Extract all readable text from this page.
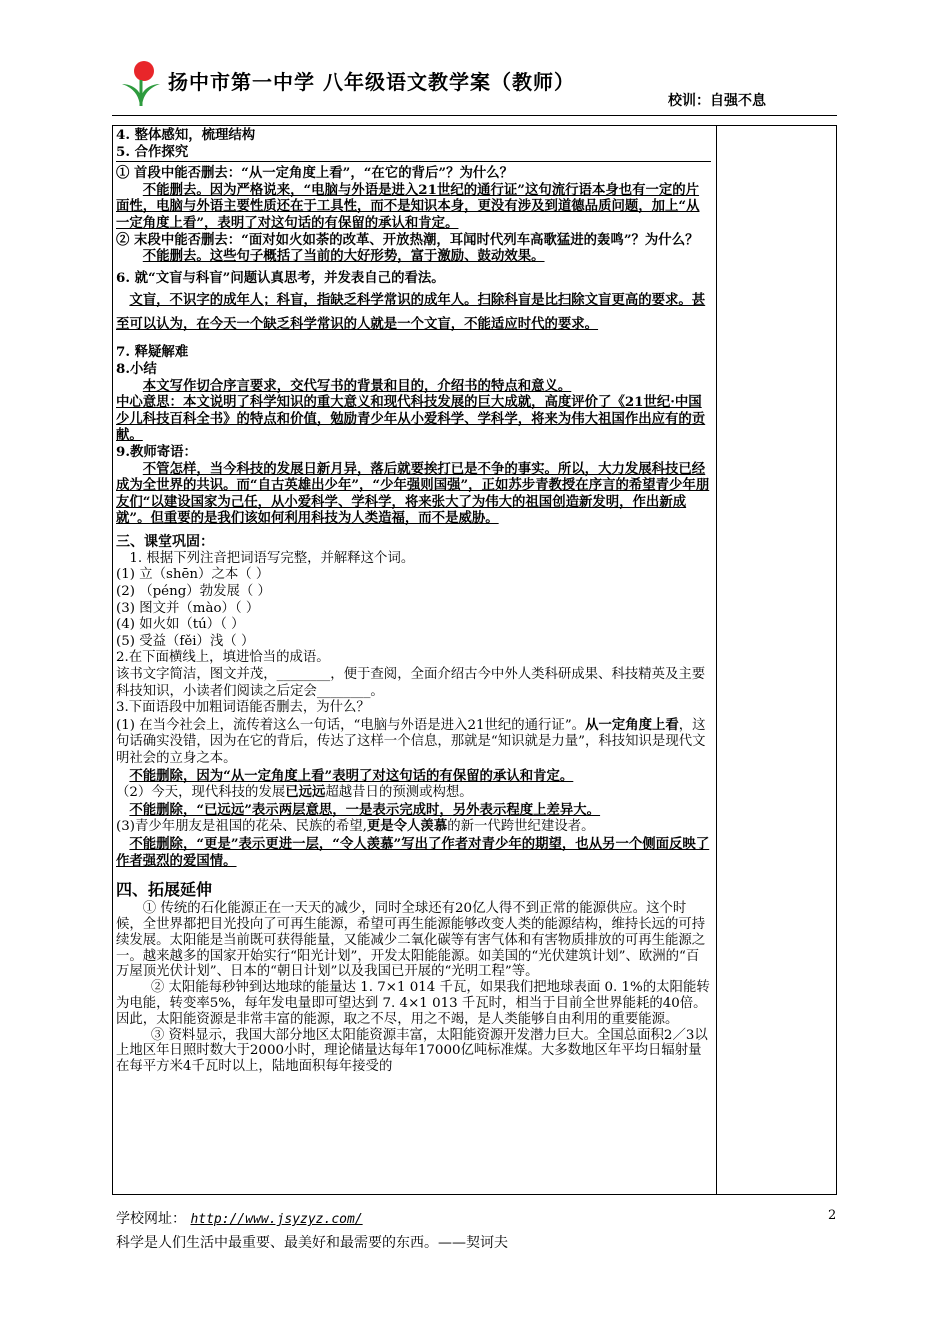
扬中市第一中学 八年级语文教学案（教师）
校训：自强不息

4. 整体感知，梳理结构

5. 合作探究

① 首段中能否删去：“从一定角度上看”，“在它的背后”？为什么？

不能删去。因为严格说来，“电脑与外语是进入21世纪的通行证”这句流行语本身也有一定的片面性，电脑与外语主要性质还在于工具性，而不是知识本身，更没有涉及到道德品质问题，加上“从一定角度上看”，表明了对这句话的有保留的承认和肯定。

② 末段中能否删去：“面对如火如荼的改革、开放热潮，耳闻时代列车高歌猛进的轰鸣”？为什么？

不能删去。这些句子概括了当前的大好形势，富于激励、鼓动效果。

6. 就“文盲与科盲”问题认真思考，并发表自己的看法。

文盲，不识字的成年人；科盲，指缺乏科学常识的成年人。扫除科盲是比扫除文盲更高的要求。甚至可以认为，在今天一个缺乏科学常识的人就是一个文盲，不能适应时代的要求。

7. 释疑解难

8.小结

本文写作切合序言要求，交代写书的背景和目的，介绍书的特点和意义。

中心意思：本文说明了科学知识的重大意义和现代科技发展的巨大成就，高度评价了《21世纪·中国少儿科技百科全书》的特点和价值，勉励青少年从小爱科学、学科学，将来为伟大祖国作出应有的贡献。

9.教师寄语：

不管怎样，当今科技的发展日新月异，落后就要挨打已是不争的事实。所以，大力发展科技已经成为全世界的共识。而“自古英雄出少年”，“少年强则国强”，正如苏步青教授在序言的希望青少年朋友们“以建设国家为己任，从小爱科学、学科学，将来张大了为伟大的祖国创造新发明，作出新成就”。但重要的是我们该如何利用科技为人类造福，而不是威胁。

三、课堂巩固：

1. 根据下列注音把词语写完整，并解释这个词。

(1) 立（shēn）之本（ ）

(2) （péng）勃发展（ ）

(3) 图文并（mào）（ ）

(4) 如火如（tú）（ ）

(5) 受益（fěi）浅（ ）

2.在下面横线上，填进恰当的成语。

该书文字简洁，图文并茂，________，便于查阅，全面介绍古今中外人类科研成果、科技精英及主要科技知识，小读者们阅读之后定会________。

3.下面语段中加粗词语能否删去，为什么？

(1) 在当今社会上，流传着这么一句话，“电脑与外语是进入21世纪的通行证”。从一定角度上看，这句话确实没错，因为在它的背后，传达了这样一个信息，那就是“知识就是力量”，科技知识是现代文明社会的立身之本。

不能删除，因为“从一定角度上看”表明了对这句话的有保留的承认和肯定。

（2）今天，现代科技的发展已远远超越昔日的预测或构想。

不能删除，“已远远”表示两层意思，一是表示完成时，另外表示程度上差异大。

(3)青少年朋友是祖国的花朵、民族的希望,更是令人羡慕的新一代跨世纪建设者。

不能删除，“更是”表示更进一层，“令人羡慕”写出了作者对青少年的期望，也从另一个侧面反映了作者强烈的爱国情。

四、拓展延伸

① 传统的石化能源正在一天天的减少，同时全球还有20亿人得不到正常的能源供应。这个时候，全世界都把目光投向了可再生能源，希望可再生能源能够改变人类的能源结构，维持长远的可持续发展。太阳能是当前既可获得能量，又能减少二氧化碳等有害气体和有害物质排放的可再生能源之一。越来越多的国家开始实行“阳光计划”，开发太阳能能源。如美国的“光伏建筑计划”、欧洲的“百万屋顶光伏计划”、日本的“朝日计划”以及我国已开展的“光明工程”等。

② 太阳能每秒钟到达地球的能量达 1. 7×1 014 千瓦，如果我们把地球表面 0. 1%的太阳能转为电能，转变率5%，每年发电量即可望达到 7. 4×1 013 千瓦时，相当于目前全世界能耗的40倍。因此，太阳能资源是非常丰富的能源，取之不尽，用之不竭，是人类能够自由利用的重要能源。

③ 资料显示，我国大部分地区太阳能资源丰富，太阳能资源开发潜力巨大。全国总面积2／3以上地区年日照时数大于2000小时，理论储量达每年17000亿吨标准煤。大多数地区年平均日辐射量在每平方米4千瓦时以上，陆地面积每年接受的

学校网址： http://www.jsyzyz.com/	2
科学是人们生活中最重要、最美好和最需要的东西。——契诃夫
